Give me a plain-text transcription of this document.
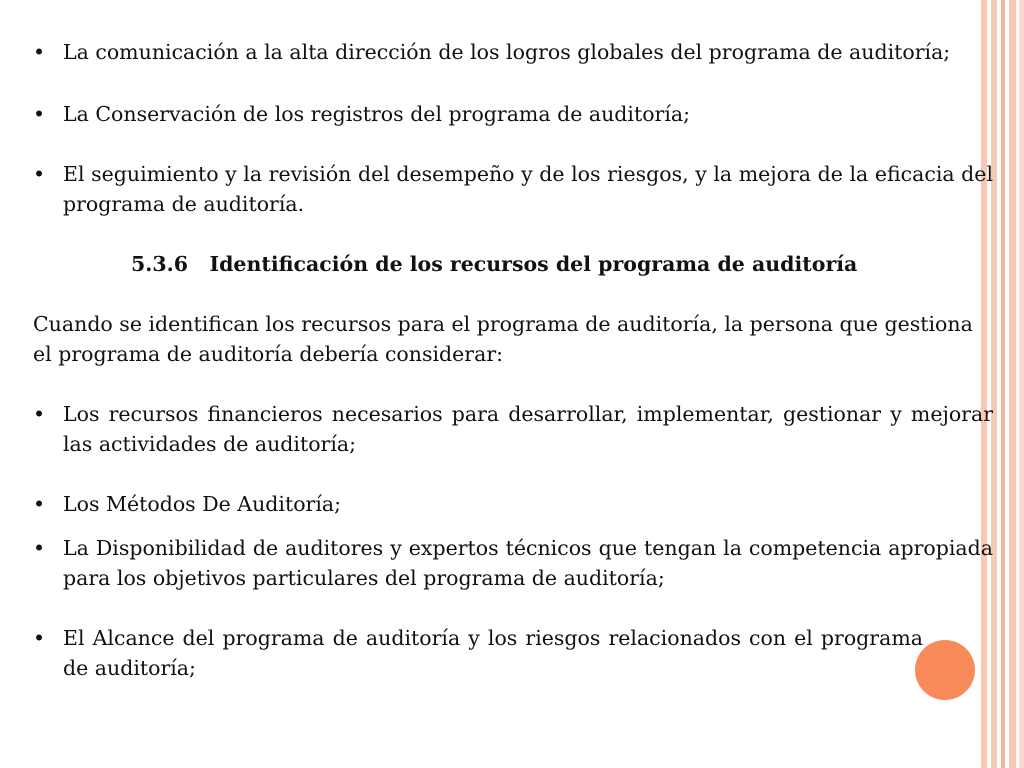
• La comunicación a la alta dirección de los logros globales del programa de auditoría;

• La Conservación de los registros del programa de auditoría;

• El seguimiento y la revisión del desempeño y de los riesgos, y la mejora de la eficacia del programa de auditoría.

5.3.6   Identificación de los recursos del programa de auditoría

Cuando se identifican los recursos para el programa de auditoría, la persona que gestiona el programa de auditoría debería considerar:

• Los recursos financieros necesarios para desarrollar, implementar, gestionar y mejorar las actividades de auditoría;

• Los Métodos De Auditoría;

• La Disponibilidad de auditores y expertos técnicos que tengan la competencia apropiada para los objetivos particulares del programa de auditoría;

• El Alcance del programa de auditoría y los riesgos relacionados con el programa de auditoría;
